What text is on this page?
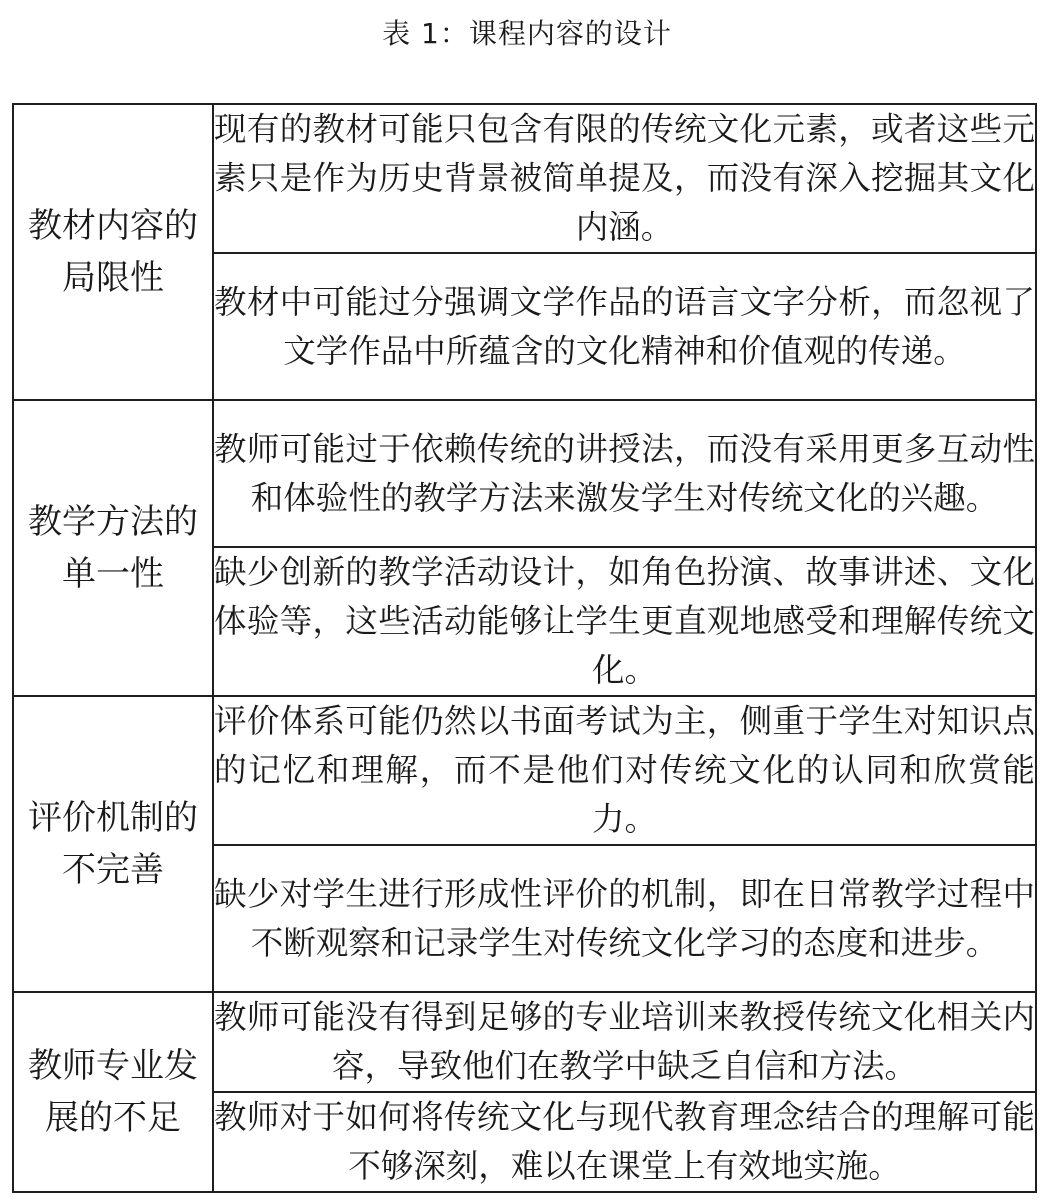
表 1：课程内容的设计
教材内容的局限性	现有的教材可能只包含有限的传统文化元素，或者这些元素只是作为历史背景被简单提及，而没有深入挖掘其文化内涵。
	教材中可能过分强调文学作品的语言文字分析，而忽视了文学作品中所蕴含的文化精神和价值观的传递。
教学方法的单一性	教师可能过于依赖传统的讲授法，而没有采用更多互动性和体验性的教学方法来激发学生对传统文化的兴趣。
	缺少创新的教学活动设计，如角色扮演、故事讲述、文化体验等，这些活动能够让学生更直观地感受和理解传统文化。
评价机制的不完善	评价体系可能仍然以书面考试为主，侧重于学生对知识点的记忆和理解，而不是他们对传统文化的认同和欣赏能力。
	缺少对学生进行形成性评价的机制，即在日常教学过程中不断观察和记录学生对传统文化学习的态度和进步。
教师专业发展的不足	教师可能没有得到足够的专业培训来教授传统文化相关内容，导致他们在教学中缺乏自信和方法。
	教师对于如何将传统文化与现代教育理念结合的理解可能不够深刻，难以在课堂上有效地实施。
